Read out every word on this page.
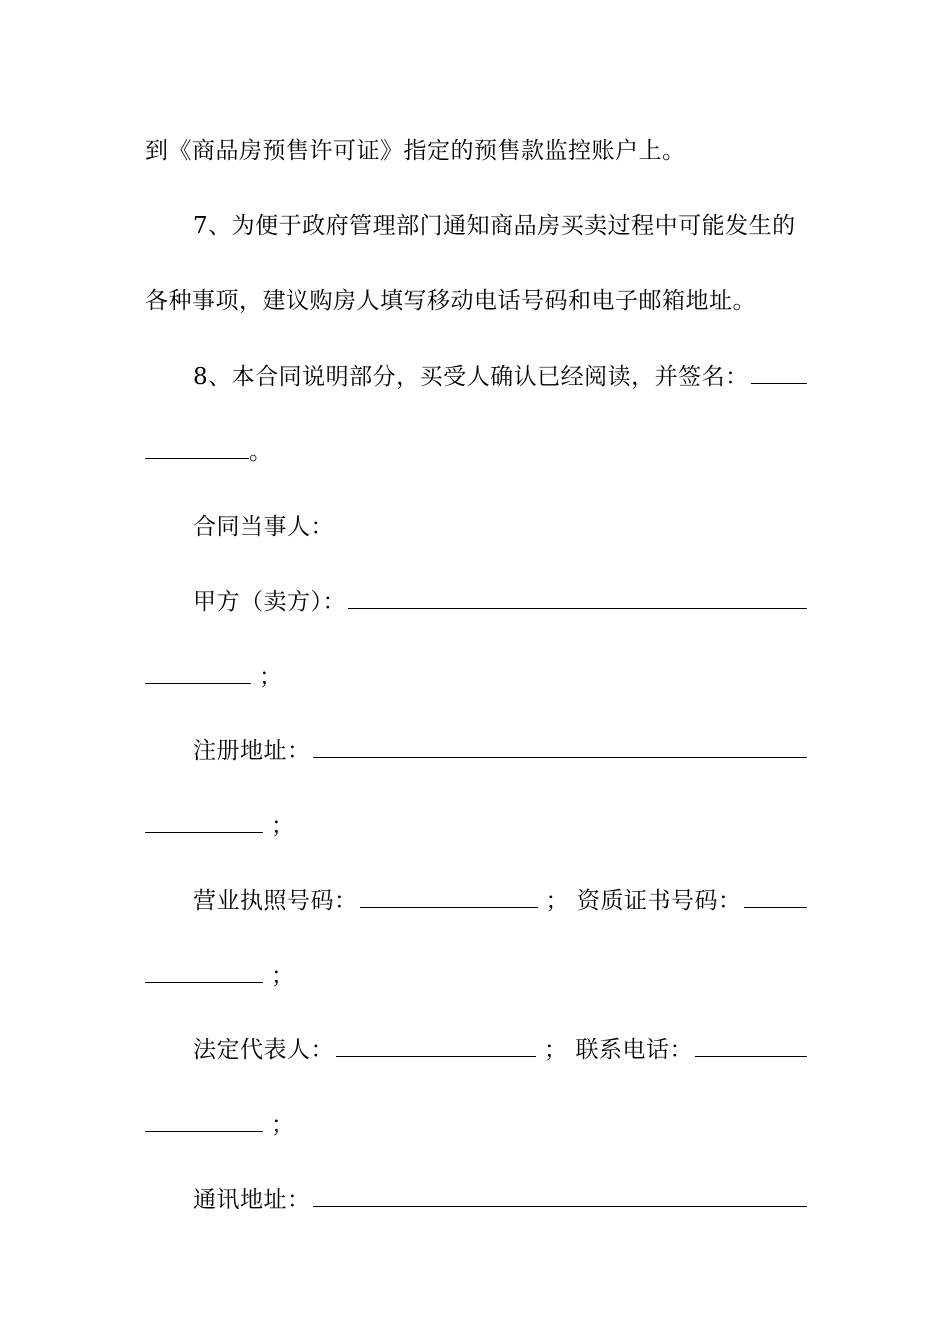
到《商品房预售许可证》指定的预售款监控账户上。
7、为便于政府管理部门通知商品房买卖过程中可能发生的
各种事项，建议购房人填写移动电话号码和电子邮箱地址。
8、本合同说明部分，买受人确认已经阅读，并签名：
。
合同当事人：
甲方（卖方）：
；
注册地址：
；
营业执照号码：	； 资质证书号码：
；
法定代表人：	； 联系电话：
；
通讯地址：
